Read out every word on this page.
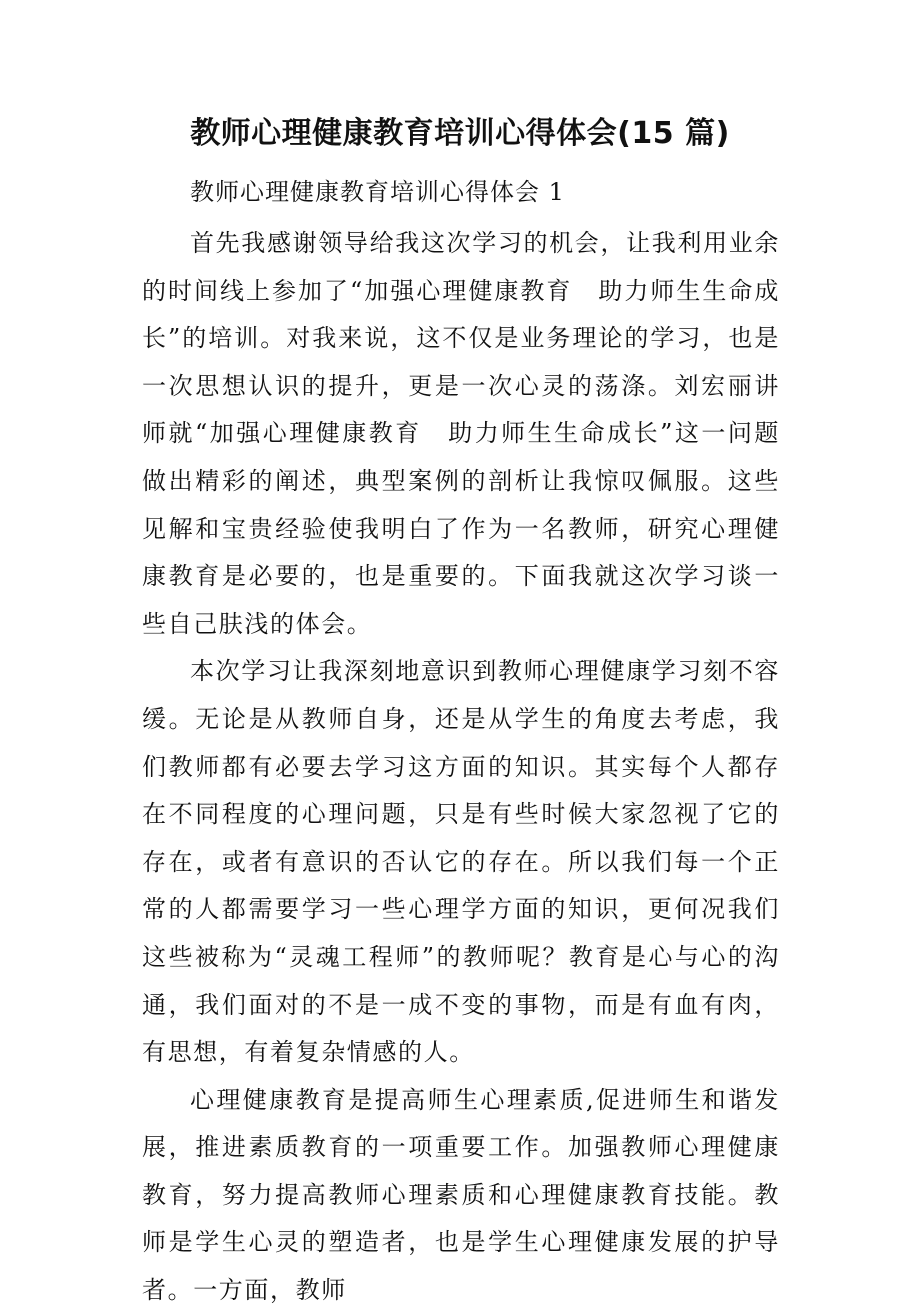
教师心理健康教育培训心得体会(15 篇)
教师心理健康教育培训心得体会 1

首先我感谢领导给我这次学习的机会，让我利用业余的时间线上参加了“加强心理健康教育　助力师生生命成长”的培训。对我来说，这不仅是业务理论的学习，也是一次思想认识的提升，更是一次心灵的荡涤。刘宏丽讲师就“加强心理健康教育　助力师生生命成长”这一问题做出精彩的阐述，典型案例的剖析让我惊叹佩服。这些见解和宝贵经验使我明白了作为一名教师，研究心理健康教育是必要的，也是重要的。下面我就这次学习谈一些自己肤浅的体会。

本次学习让我深刻地意识到教师心理健康学习刻不容缓。无论是从教师自身，还是从学生的角度去考虑，我们教师都有必要去学习这方面的知识。其实每个人都存在不同程度的心理问题，只是有些时候大家忽视了它的存在，或者有意识的否认它的存在。所以我们每一个正常的人都需要学习一些心理学方面的知识，更何况我们这些被称为“灵魂工程师”的教师呢？教育是心与心的沟通，我们面对的不是一成不变的事物，而是有血有肉，有思想，有着复杂情感的人。

心理健康教育是提高师生心理素质,促进师生和谐发展，推进素质教育的一项重要工作。加强教师心理健康教育，努力提高教师心理素质和心理健康教育技能。教师是学生心灵的塑造者，也是学生心理健康发展的护导者。一方面，教师
